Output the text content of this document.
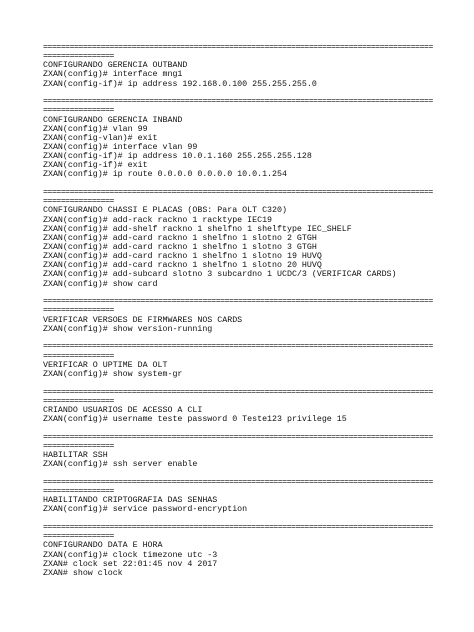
========================================================================================
================
CONFIGURANDO GERENCIA OUTBAND
ZXAN(config)# interface mng1
ZXAN(config-if)# ip address 192.168.0.100 255.255.255.0
========================================================================================
================
CONFIGURANDO GERENCIA INBAND
ZXAN(config)# vlan 99
ZXAN(config-vlan)# exit
ZXAN(config)# interface vlan 99
ZXAN(config-if)# ip address 10.0.1.160 255.255.255.128
ZXAN(config-if)# exit
ZXAN(config)# ip route 0.0.0.0 0.0.0.0 10.0.1.254
========================================================================================
================
CONFIGURANDO CHASSI E PLACAS (OBS: Para OLT C320)
ZXAN(config)# add-rack rackno 1 racktype IEC19
ZXAN(config)# add-shelf rackno 1 shelfno 1 shelftype IEC_SHELF
ZXAN(config)# add-card rackno 1 shelfno 1 slotno 2 GTGH
ZXAN(config)# add-card rackno 1 shelfno 1 slotno 3 GTGH
ZXAN(config)# add-card rackno 1 shelfno 1 slotno 19 HUVQ
ZXAN(config)# add-card rackno 1 shelfno 1 slotno 20 HUVQ
ZXAN(config)# add-subcard slotno 3 subcardno 1 UCDC/3 (VERIFICAR CARDS)
ZXAN(config)# show card
========================================================================================
================
VERIFICAR VERSOES DE FIRMWARES NOS CARDS
ZXAN(config)# show version-running
========================================================================================
================
VERIFICAR O UPTIME DA OLT
ZXAN(config)# show system-gr
========================================================================================
================
CRIANDO USUÁRIOS DE ACESSO A CLI
ZXAN(config)# username teste password 0 Teste123 privilege 15
========================================================================================
================
HABILITAR SSH
ZXAN(config)# ssh server enable
========================================================================================
================
HABILITANDO CRIPTOGRAFIA DAS SENHAS
ZXAN(config)# service password-encryption
========================================================================================
================
CONFIGURANDO DATA E HORA
ZXAN(config)# clock timezone utc -3
ZXAN# clock set 22:01:45 nov 4 2017
ZXAN# show clock
